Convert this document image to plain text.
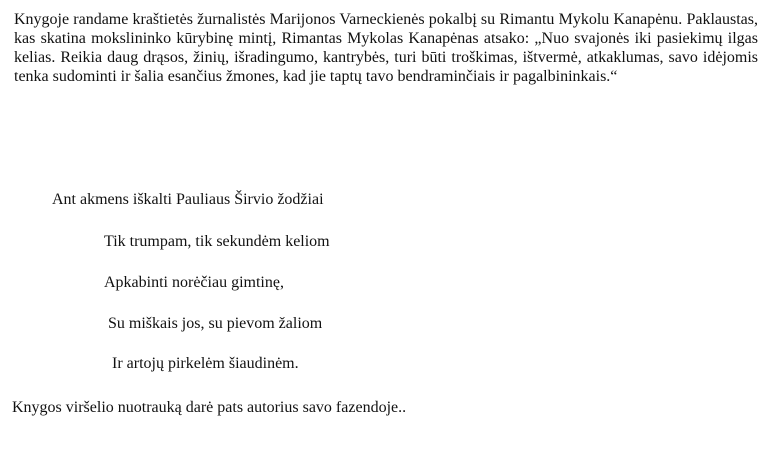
Knygoje randame kraštietės žurnalistės Marijonos Varneckienės pokalbį su Rimantu Mykolu Kanapėnu. Paklaustas, kas skatina mokslininko kūrybinę mintį, Rimantas Mykolas Kanapėnas atsako: „Nuo svajonės iki pasiekimų ilgas kelias. Reikia daug drąsos, žinių, išradingumo, kantrybės, turi būti troškimas, ištvermė, atkaklumas, savo idėjomis tenka sudominti ir šalia esančius žmones, kad jie taptų tavo bendraminčiais ir pagalbininkais.“

Ant akmens iškalti Pauliaus Širvio žodžiai

Tik trumpam, tik sekundėm keliom

Apkabinti norėčiau gimtinę,

Su miškais jos, su pievom žaliom

Ir artojų pirkelėm šiaudinėm.

Knygos viršelio nuotrauką darė pats autorius savo fazendoje..
